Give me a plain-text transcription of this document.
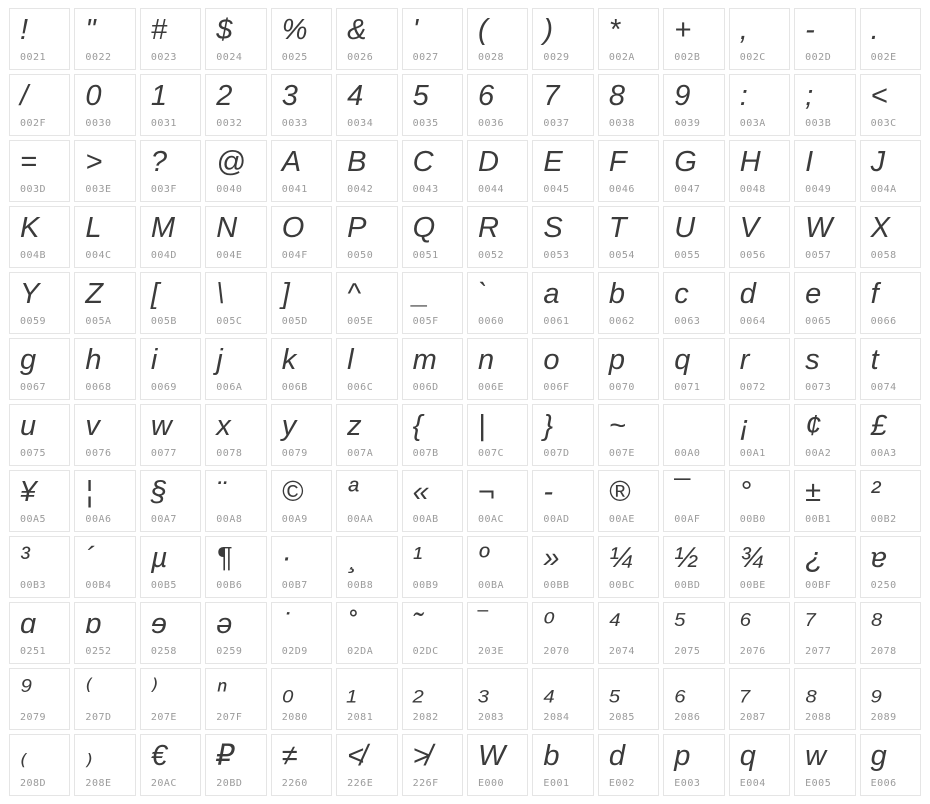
!
0021
"
0022
#
0023
$
0024
%
0025
&
0026
'
0027
(
0028
)
0029
*
002A
+
002B
,
002C
-
002D
.
002E
/
002F
0
0030
1
0031
2
0032
3
0033
4
0034
5
0035
6
0036
7
0037
8
0038
9
0039
:
003A
;
003B
<
003C
=
003D
>
003E
?
003F
@
0040
A
0041
B
0042
C
0043
D
0044
E
0045
F
0046
G
0047
H
0048
I
0049
J
004A
K
004B
L
004C
M
004D
N
004E
O
004F
P
0050
Q
0051
R
0052
S
0053
T
0054
U
0055
V
0056
W
0057
X
0058
Y
0059
Z
005A
[
005B
\
005C
]
005D
^
005E
_
005F
`
0060
a
0061
b
0062
c
0063
d
0064
e
0065
f
0066
g
0067
h
0068
i
0069
j
006A
k
006B
l
006C
m
006D
n
006E
o
006F
p
0070
q
0071
r
0072
s
0073
t
0074
u
0075
v
0076
w
0077
x
0078
y
0079
z
007A
{
007B
|
007C
}
007D
~
007E
	00A0
¡
00A1
¢
00A2
£
00A3
¥
00A5
¦
00A6
§
00A7
¨
00A8
©
00A9
ª
00AA
«
00AB
¬
00AC
-
00AD
®
00AE
¯
00AF
°
00B0
±
00B1
²
00B2
³
00B3
´
00B4
µ
00B5
¶
00B6
·
00B7
¸
00B8
¹
00B9
º
00BA
»
00BB
¼
00BC
½
00BD
¾
00BE
¿
00BF
ɐ
0250
ɑ
0251
ɒ
0252
ɘ
0258
ə
0259
˙
02D9
˚
02DA
˜
02DC
‾
203E
⁰
2070
⁴
2074
⁵
2075
⁶
2076
⁷
2077
⁸
2078
⁹
2079
⁽
207D
⁾
207E
ⁿ
207F
₀
2080
₁
2081
₂
2082
₃
2083
₄
2084
₅
2085
₆
2086
₇
2087
₈
2088
₉
2089
₍
208D
₎
208E
€
20AC
₽
20BD
≠
2260
≮
226E
≯
226F
W
E000
b
E001
d
E002
p
E003
q
E004
w
E005
g
E006
